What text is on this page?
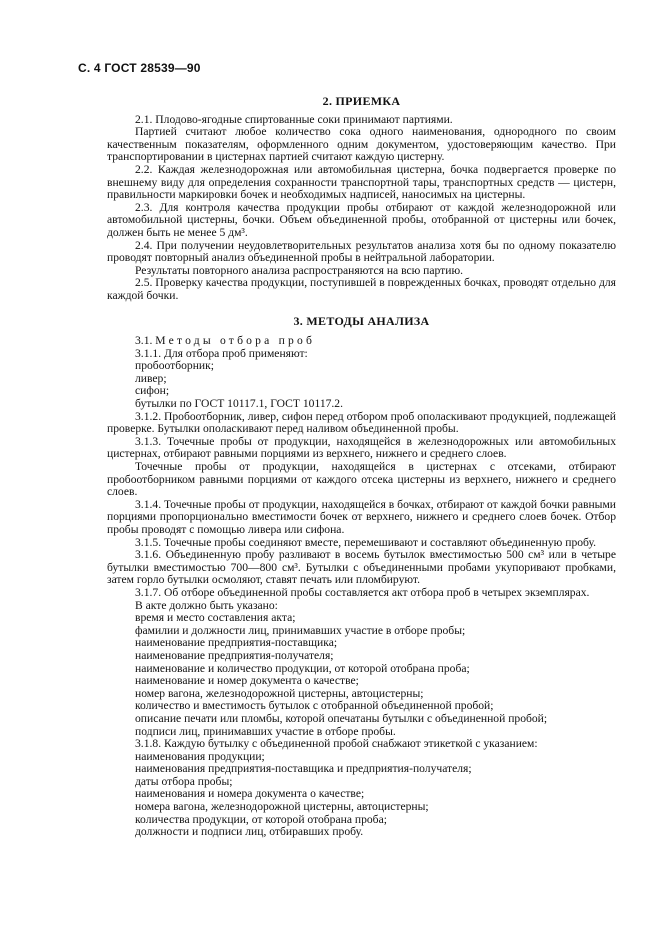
С. 4 ГОСТ 28539—90
2. ПРИЕМКА

2.1. Плодово-ягодные спиртованные соки принимают партиями.

Партией считают любое количество сока одного наименования, однородного по своим качественным показателям, оформленного одним документом, удостоверяющим качество. При транспортировании в цистернах партией считают каждую цистерну.

2.2. Каждая железнодорожная или автомобильная цистерна, бочка подвергается проверке по внешнему виду для определения сохранности транспортной тары, транспортных средств — цистерн, правильности маркировки бочек и необходимых надписей, наносимых на цистерны.

2.3. Для контроля качества продукции пробы отбирают от каждой железнодорожной или автомобильной цистерны, бочки. Объем объединенной пробы, отобранной от цистерны или бочек, должен быть не менее 5 дм³.

2.4. При получении неудовлетворительных результатов анализа хотя бы по одному показателю проводят повторный анализ объединенной пробы в нейтральной лаборатории.

Результаты повторного анализа распространяются на всю партию.

2.5. Проверку качества продукции, поступившей в поврежденных бочках, проводят отдельно для каждой бочки.

3. МЕТОДЫ АНАЛИЗА

3.1. Методы отбора проб

3.1.1. Для отбора проб применяют:

пробоотборник;

ливер;

сифон;

бутылки по ГОСТ 10117.1, ГОСТ 10117.2.

3.1.2. Пробоотборник, ливер, сифон перед отбором проб ополаскивают продукцией, подлежащей проверке. Бутылки ополаскивают перед наливом объединенной пробы.

3.1.3. Точечные пробы от продукции, находящейся в железнодорожных или автомобильных цистернах, отбирают равными порциями из верхнего, нижнего и среднего слоев.

Точечные пробы от продукции, находящейся в цистернах с отсеками, отбирают пробоотборником равными порциями от каждого отсека цистерны из верхнего, нижнего и среднего слоев.

3.1.4. Точечные пробы от продукции, находящейся в бочках, отбирают от каждой бочки равными порциями пропорционально вместимости бочек от верхнего, нижнего и среднего слоев бочек. Отбор пробы проводят с помощью ливера или сифона.

3.1.5. Точечные пробы соединяют вместе, перемешивают и составляют объединенную пробу.

3.1.6. Объединенную пробу разливают в восемь бутылок вместимостью 500 см³ или в четыре бутылки вместимостью 700—800 см³. Бутылки с объединенными пробами укупоривают пробками, затем горло бутылки осмоляют, ставят печать или пломбируют.

3.1.7. Об отборе объединенной пробы составляется акт отбора проб в четырех экземплярах.

В акте должно быть указано:

время и место составления акта;

фамилии и должности лиц, принимавших участие в отборе пробы;

наименование предприятия-поставщика;

наименование предприятия-получателя;

наименование и количество продукции, от которой отобрана проба;

наименование и номер документа о качестве;

номер вагона, железнодорожной цистерны, автоцистерны;

количество и вместимость бутылок с отобранной объединенной пробой;

описание печати или пломбы, которой опечатаны бутылки с объединенной пробой;

подписи лиц, принимавших участие в отборе пробы.

3.1.8. Каждую бутылку с объединенной пробой снабжают этикеткой с указанием:

наименования продукции;

наименования предприятия-поставщика и предприятия-получателя;

даты отбора пробы;

наименования и номера документа о качестве;

номера вагона, железнодорожной цистерны, автоцистерны;

количества продукции, от которой отобрана проба;

должности и подписи лиц, отбиравших пробу.
